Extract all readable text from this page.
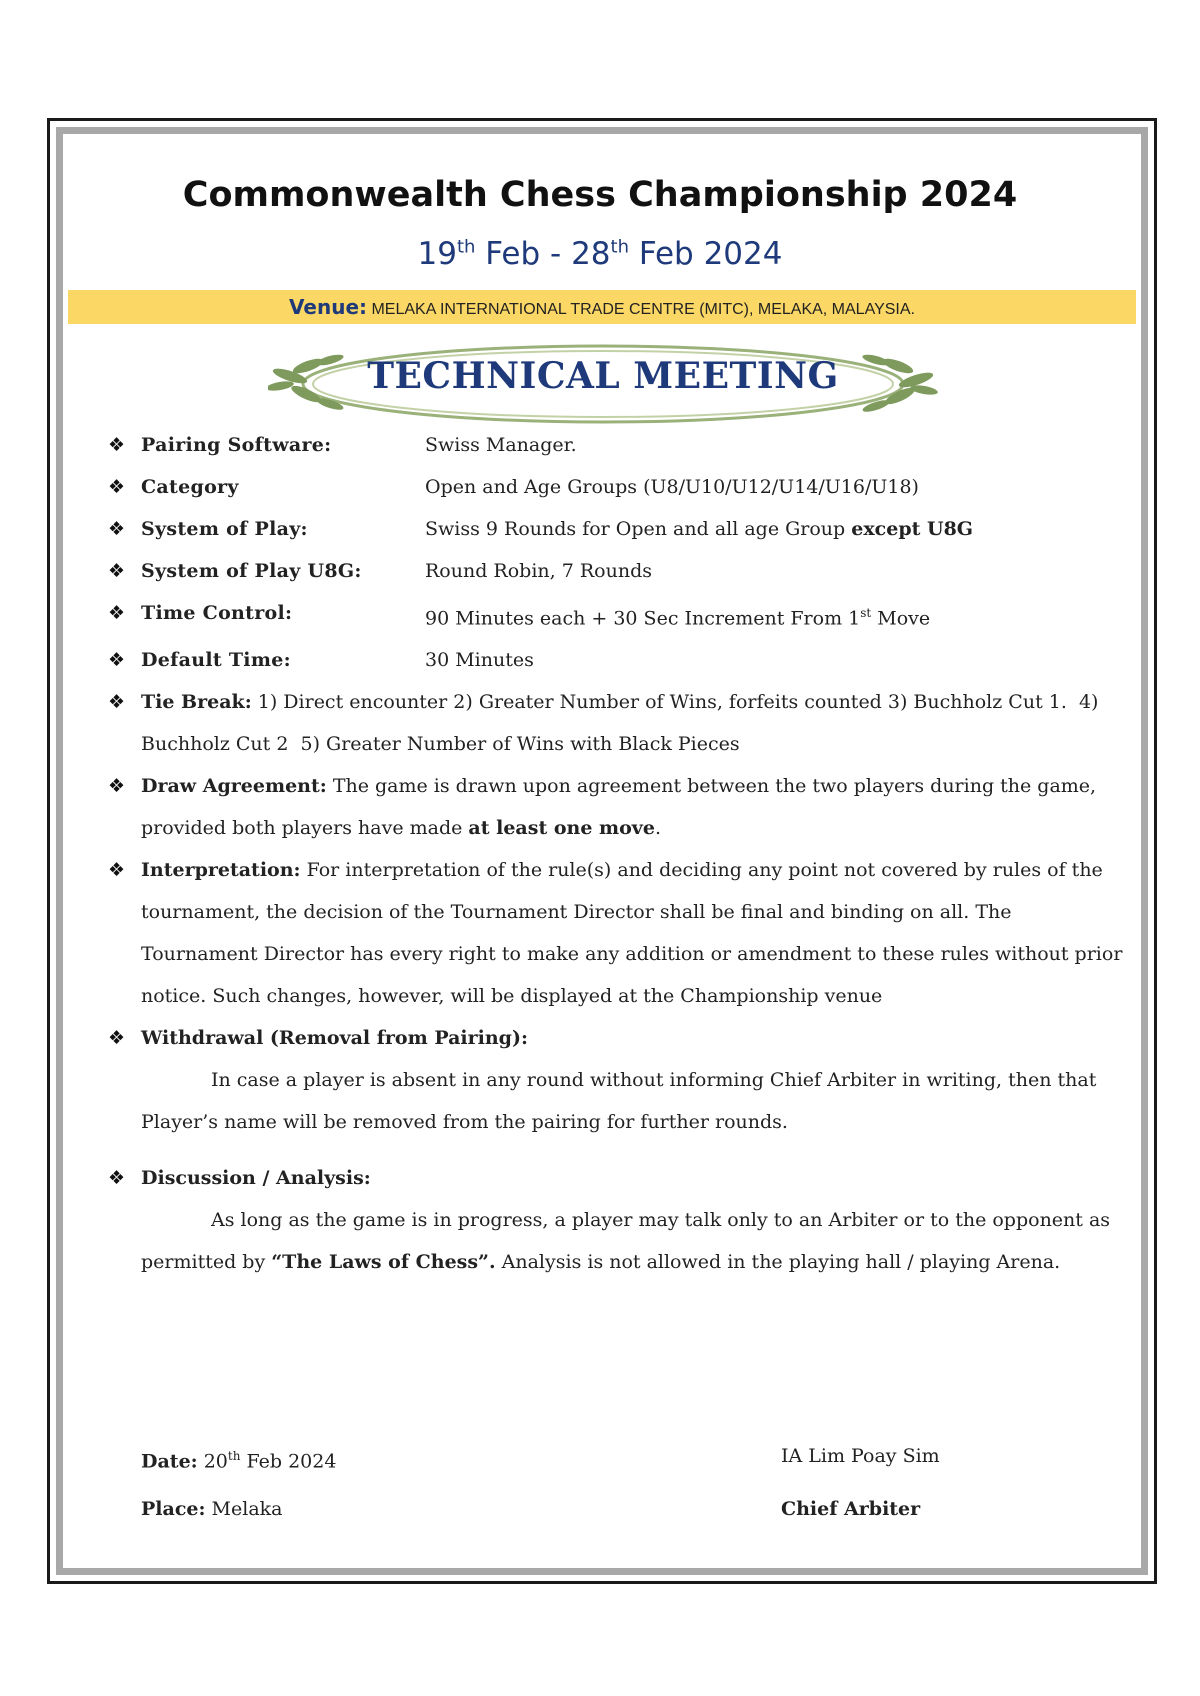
Commonwealth Chess Championship 2024
19th Feb - 28th Feb 2024
Venue: MELAKA INTERNATIONAL TRADE CENTRE (MITC), MELAKA, MALAYSIA.
TECHNICAL MEETING
❖ Pairing Software:	Swiss Manager.
❖ Category	Open and Age Groups (U8/U10/U12/U14/U16/U18)
❖ System of Play:	Swiss 9 Rounds for Open and all age Group except U8G
❖ System of Play U8G:	Round Robin, 7 Rounds
❖ Time Control:	90 Minutes each + 30 Sec Increment From 1st Move
❖ Default Time:	30 Minutes
❖ Tie Break: 1) Direct encounter 2) Greater Number of Wins, forfeits counted 3) Buchholz Cut 1.  4) Buchholz Cut 2  5) Greater Number of Wins with Black Pieces
❖ Draw Agreement: The game is drawn upon agreement between the two players during the game, provided both players have made at least one move.
❖ Interpretation: For interpretation of the rule(s) and deciding any point not covered by rules of the tournament, the decision of the Tournament Director shall be final and binding on all. The Tournament Director has every right to make any addition or amendment to these rules without prior notice. Such changes, however, will be displayed at the Championship venue
❖ Withdrawal (Removal from Pairing):
In case a player is absent in any round without informing Chief Arbiter in writing, then that Player’s name will be removed from the pairing for further rounds.
❖ Discussion / Analysis:
As long as the game is in progress, a player may talk only to an Arbiter or to the opponent as permitted by “The Laws of Chess”. Analysis is not allowed in the playing hall / playing Arena.
Date: 20th Feb 2024	IA Lim Poay Sim
Place: Melaka	Chief Arbiter
